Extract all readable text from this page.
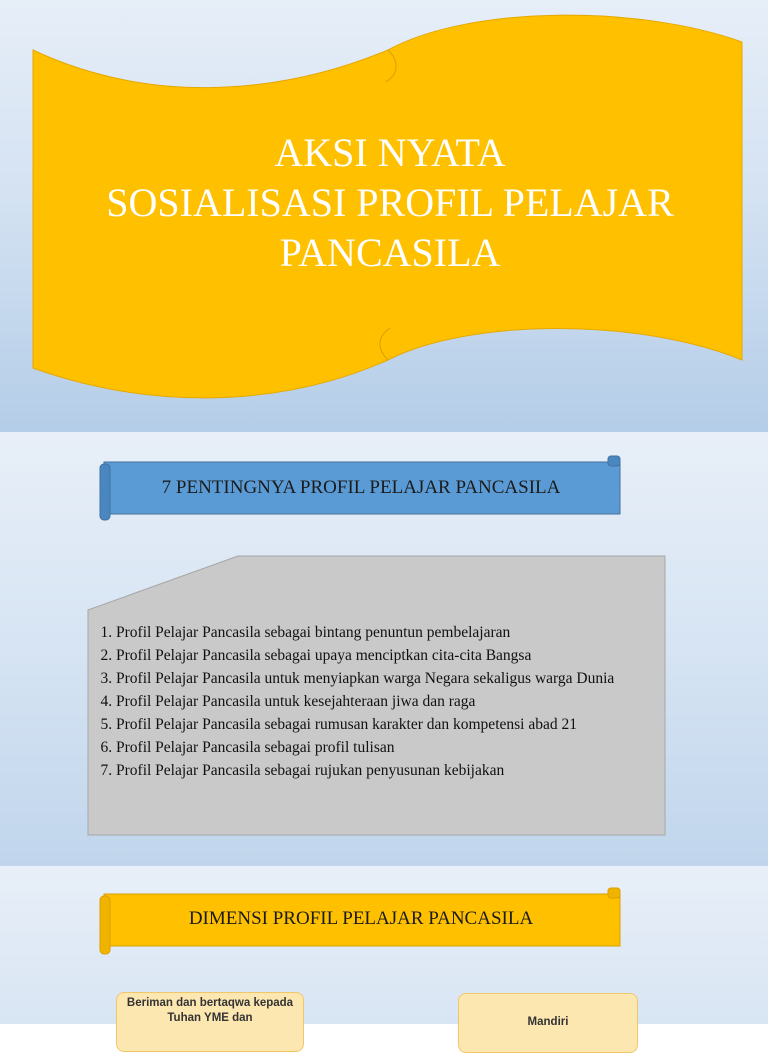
AKSI NYATA
SOSIALISASI PROFIL PELAJAR
PANCASILA
7 PENTINGNYA PROFIL PELAJAR PANCASILA
1. Profil Pelajar Pancasila sebagai bintang penuntun pembelajaran
2. Profil Pelajar Pancasila sebagai upaya menciptkan cita-cita Bangsa
3. Profil Pelajar Pancasila untuk menyiapkan warga Negara sekaligus warga Dunia
4. Profil Pelajar Pancasila untuk kesejahteraan jiwa dan raga
5. Profil Pelajar Pancasila sebagai rumusan karakter dan kompetensi abad 21
6. Profil Pelajar Pancasila sebagai profil tulisan
7. Profil Pelajar Pancasila sebagai rujukan penyusunan kebijakan
DIMENSI PROFIL PELAJAR PANCASILA
Beriman dan bertaqwa kepada Tuhan YME dan	Mandiri
